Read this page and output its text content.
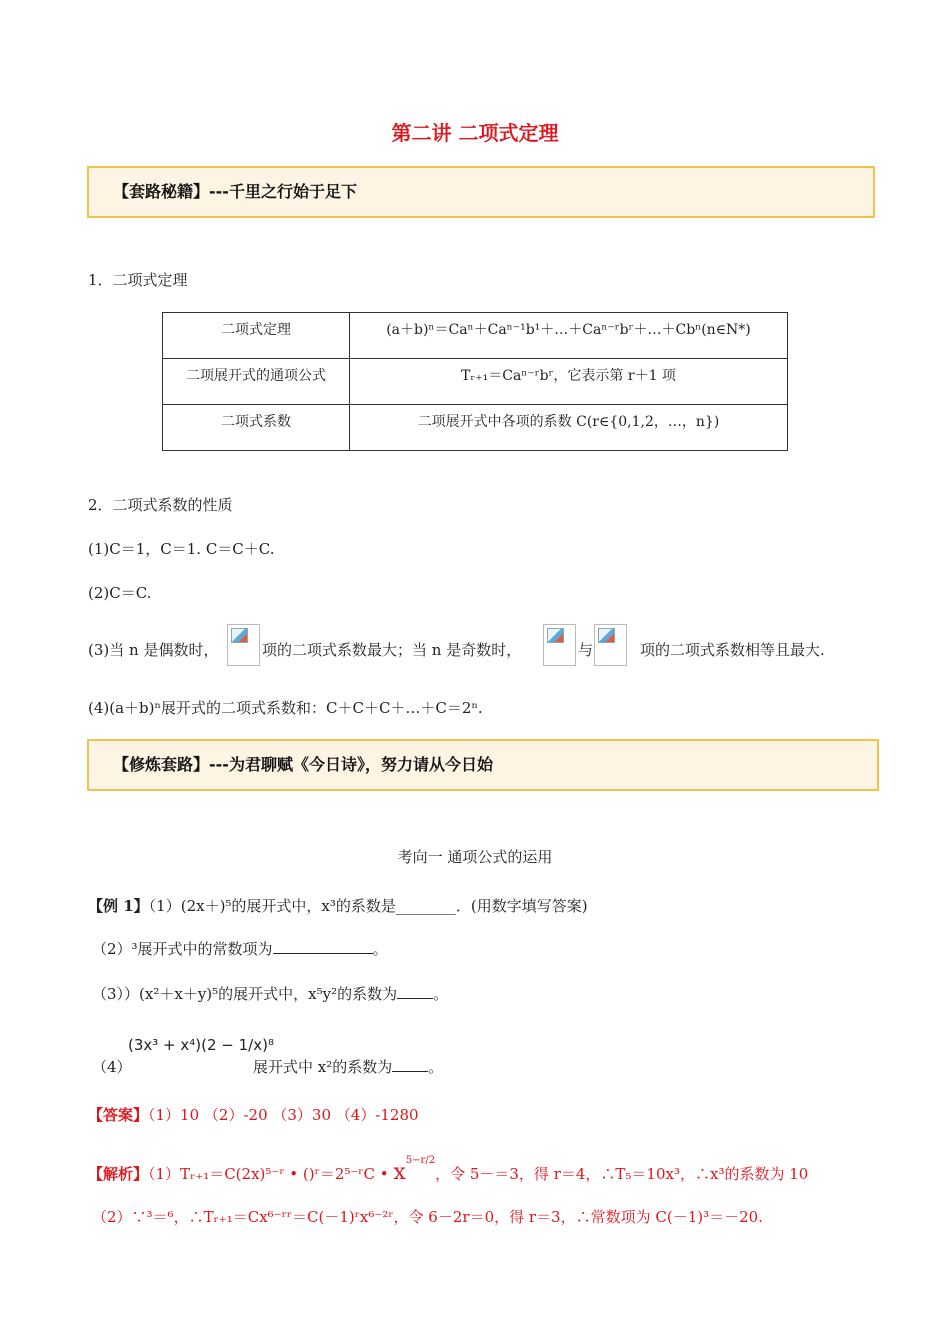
第二讲 二项式定理
【套路秘籍】---千里之行始于足下
1．二项式定理
二项式定理	(a＋b)ⁿ＝Caⁿ＋Caⁿ⁻¹b¹＋…＋Caⁿ⁻ʳbʳ＋…＋Cbⁿ(n∈N*)
二项展开式的通项公式	Tᵣ₊₁＝Caⁿ⁻ʳbʳ，它表示第 r＋1 项
二项式系数	二项展开式中各项的系数 C(r∈{0,1,2，…，n})
2．二项式系数的性质
(1)C＝1，C＝1. C＝C＋C.
(2)C＝C.
(3)当 n 是偶数时，	项的二项式系数最大；当 n 是奇数时，	与	项的二项式系数相等且最大.
(4)(a＋b)ⁿ展开式的二项式系数和：C＋C＋C＋…＋C＝2ⁿ.
【修炼套路】---为君聊赋《今日诗》，努力请从今日始
考向一 通项公式的运用
【例 1】（1）(2x＋)⁵的展开式中，x³的系数是________．(用数字填写答案)
（2）³展开式中的常数项为	。
（3））(x²＋x＋y)⁵的展开式中，x⁵y²的系数为 。
（4）
(3x³ + x⁴)(2 − 1/x)⁸
展开式中 x²的系数为 。
【答案】（1）10 （2）-20 （3）30 （4）-1280
【解析】（1）Tᵣ₊₁＝C(2x)⁵⁻ʳ • ()ʳ＝2⁵⁻ʳC • $x^{5-r/2}$，令 5－＝3，得 r＝4，∴T₅＝10x³，∴x³的系数为 10
（2）∵³＝⁶，∴Tᵣ₊₁＝Cx⁶⁻ʳʳ＝C(－1)ʳx⁶⁻²ʳ，令 6－2r＝0，得 r＝3，∴常数项为 C(－1)³＝－20.
